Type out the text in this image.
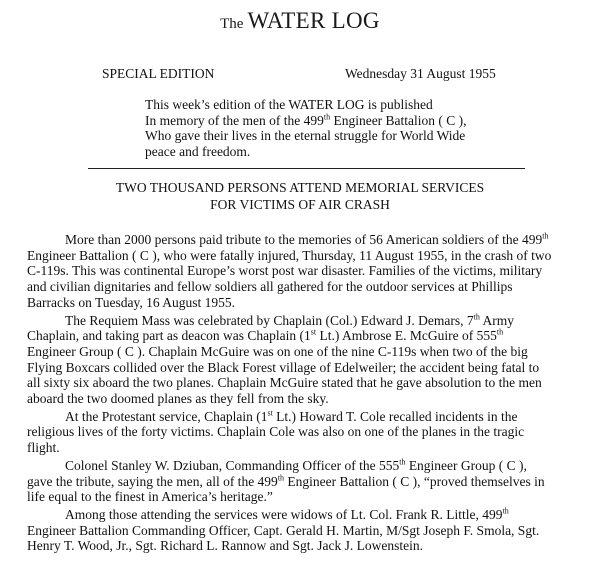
The WATER LOG
SPECIAL EDITION	Wednesday 31 August 1955
This week’s edition of the WATER LOG is published
In memory of the men of the 499th Engineer Battalion ( C ),
Who gave their lives in the eternal struggle for World Wide
peace and freedom.
TWO THOUSAND PERSONS ATTEND MEMORIAL SERVICES
FOR VICTIMS OF AIR CRASH
More than 2000 persons paid tribute to the memories of 56 American soldiers of the 499th
Engineer Battalion ( C ), who were fatally injured, Thursday, 11 August 1955, in the crash of two
C-119s. This was continental Europe’s worst post war disaster. Families of the victims, military
and civilian dignitaries and fellow soldiers all gathered for the outdoor services at Phillips
Barracks on Tuesday, 16 August 1955.
The Requiem Mass was celebrated by Chaplain (Col.) Edward J. Demars, 7th Army
Chaplain, and taking part as deacon was Chaplain (1st Lt.) Ambrose E. McGuire of 555th
Engineer Group ( C ). Chaplain McGuire was on one of the nine C-119s when two of the big
Flying Boxcars collided over the Black Forest village of Edelweiler; the accident being fatal to
all sixty six aboard the two planes. Chaplain McGuire stated that he gave absolution to the men
aboard the two doomed planes as they fell from the sky.
At the Protestant service, Chaplain (1st Lt.) Howard T. Cole recalled incidents in the
religious lives of the forty victims. Chaplain Cole was also on one of the planes in the tragic
flight.
Colonel Stanley W. Dziuban, Commanding Officer of the 555th Engineer Group ( C ),
gave the tribute, saying the men, all of the 499th Engineer Battalion ( C ), “proved themselves in
life equal to the finest in America’s heritage.”
Among those attending the services were widows of Lt. Col. Frank R. Little, 499th
Engineer Battalion Commanding Officer, Capt. Gerald H. Martin, M/Sgt Joseph F. Smola, Sgt.
Henry T. Wood, Jr., Sgt. Richard L. Rannow and Sgt. Jack J. Lowenstein.
